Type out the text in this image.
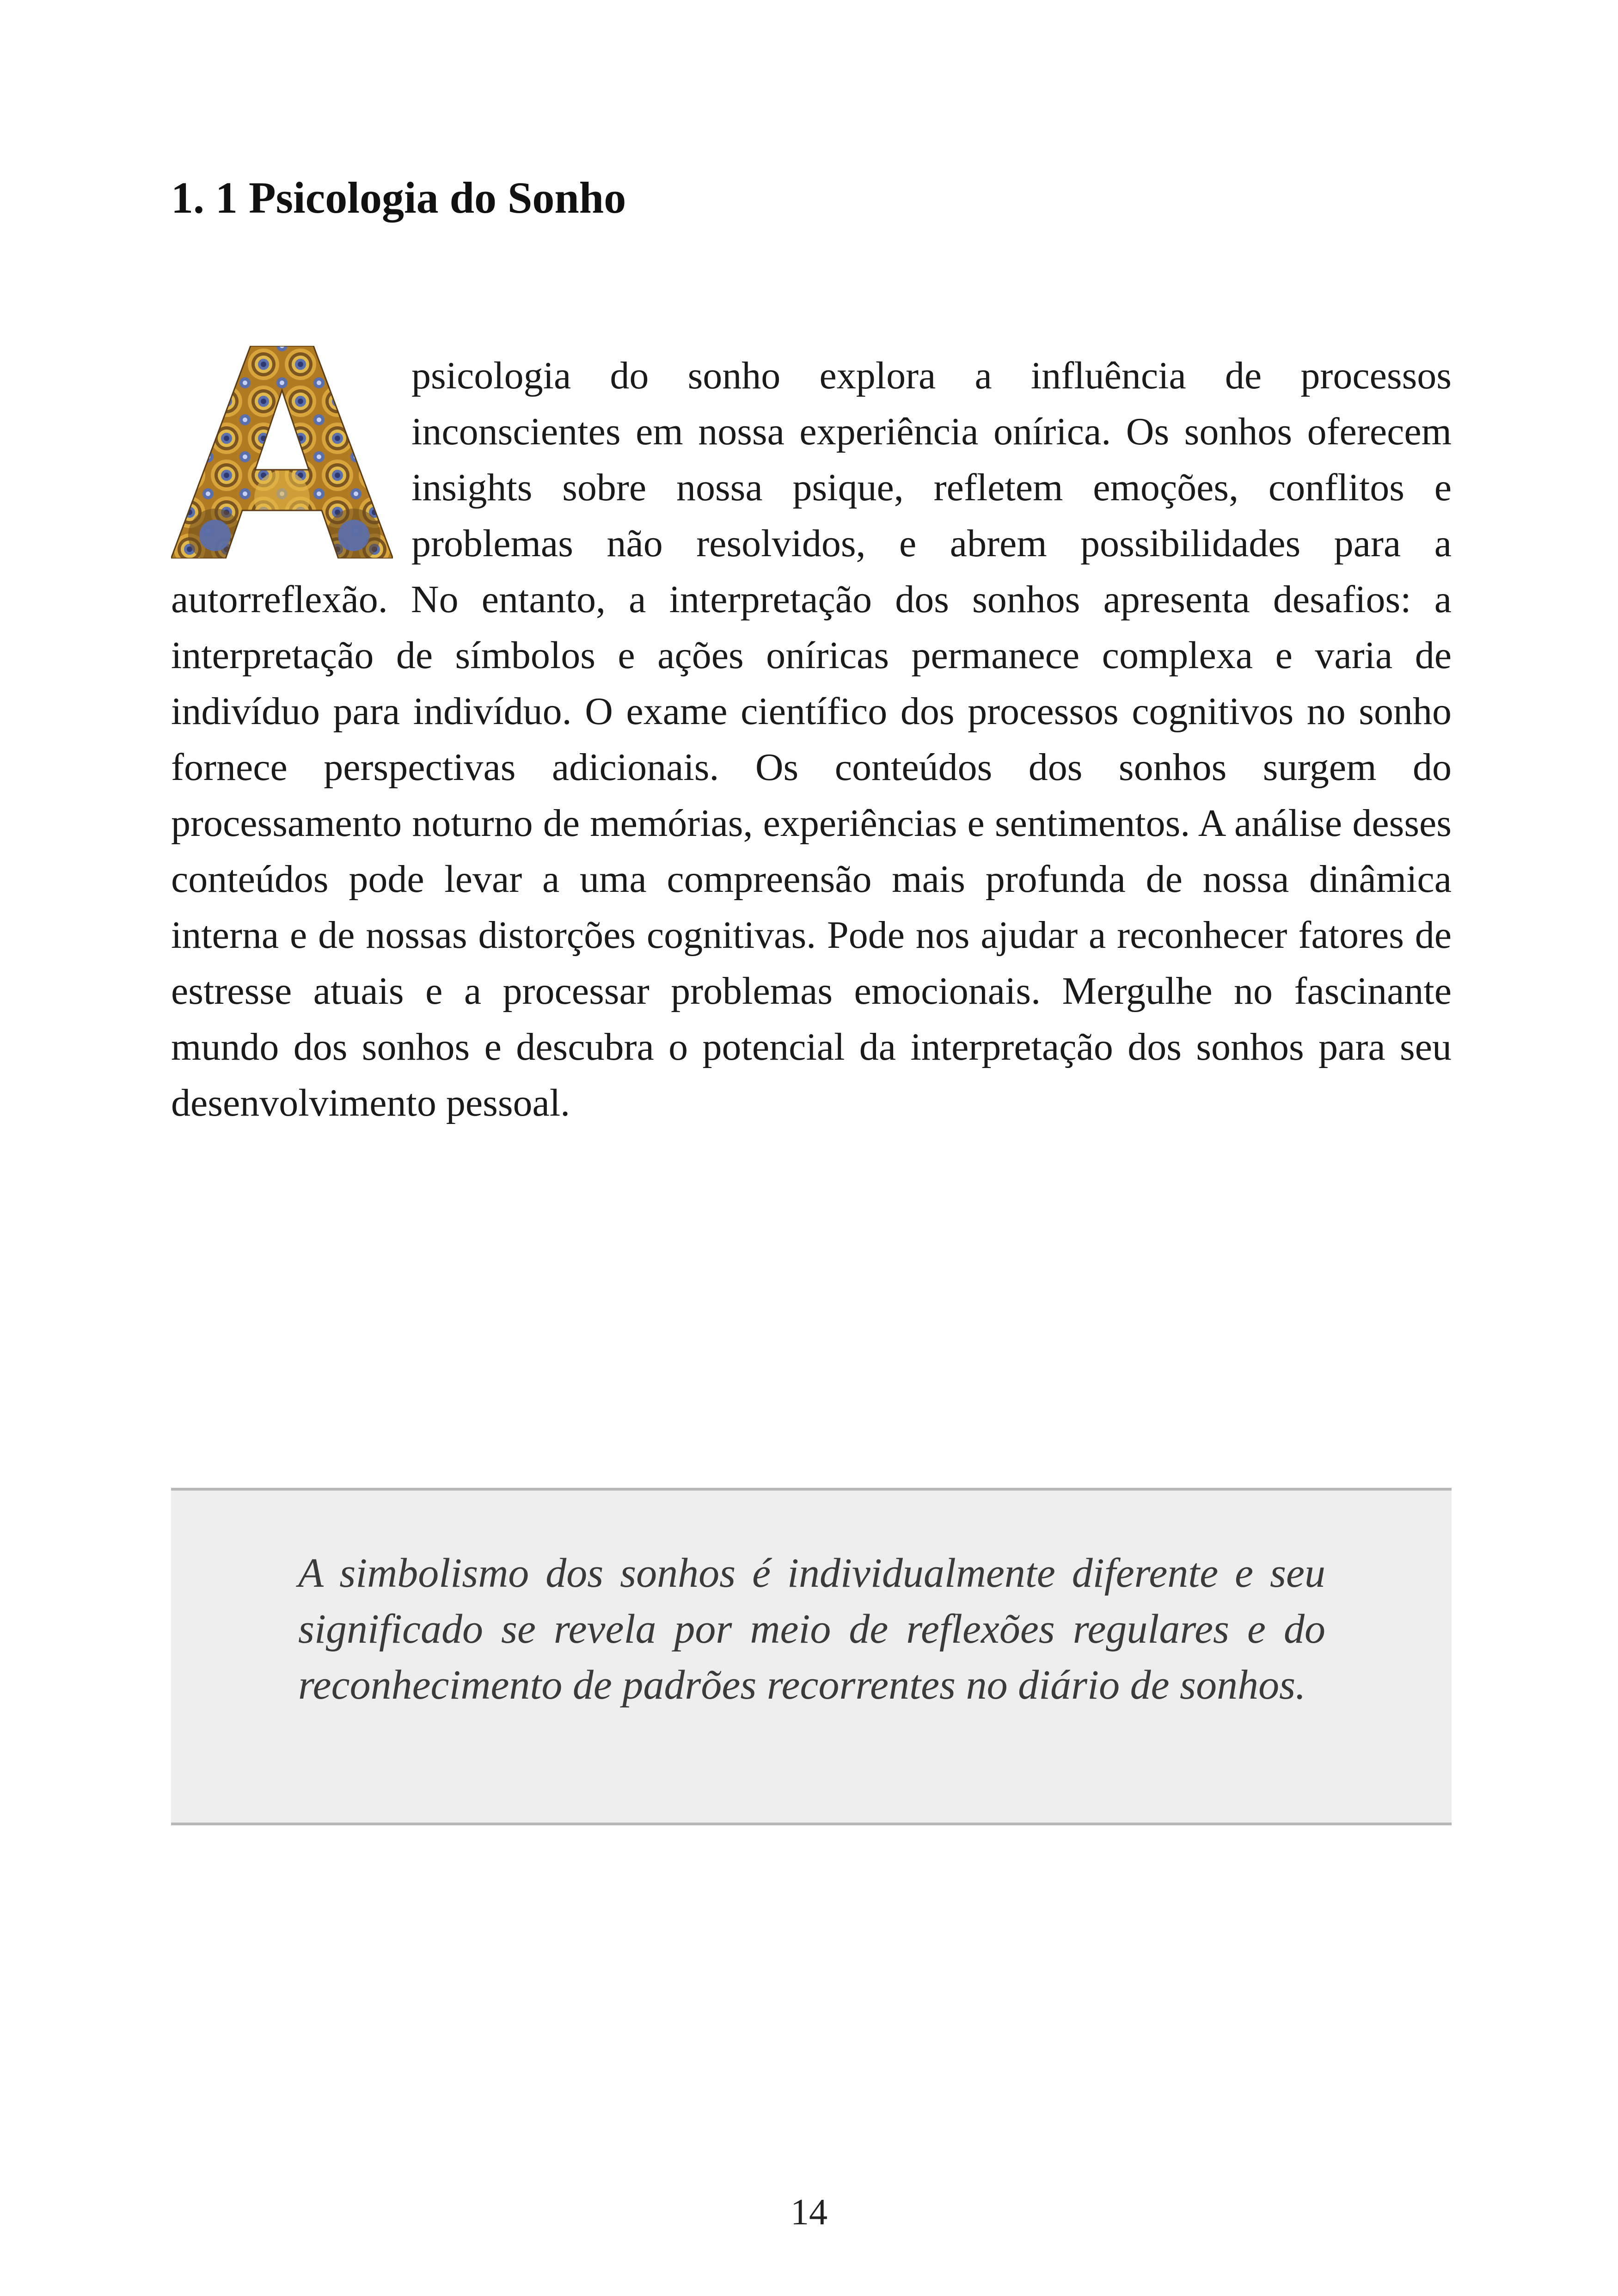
1. 1 Psicologia do Sonho
psicologia do sonho explora a influência de processos inconscientes em nossa experiência onírica. Os sonhos oferecem insights sobre nossa psique, refletem emoções, conflitos e problemas não resolvidos, e abrem possibilidades para a autorreflexão. No entanto, a interpretação dos sonhos apresenta desafios: a interpretação de símbolos e ações oníricas permanece complexa e varia de indivíduo para indivíduo. O exame científico dos processos cognitivos no sonho fornece perspectivas adicionais. Os conteúdos dos sonhos surgem do processamento noturno de memórias, experiências e sentimentos. A análise desses conteúdos pode levar a uma compreensão mais profunda de nossa dinâmica interna e de nossas distorções cognitivas. Pode nos ajudar a reconhecer fatores de estresse atuais e a processar problemas emocionais. Mergulhe no fascinante mundo dos sonhos e descubra o potencial da interpretação dos sonhos para seu desenvolvimento pessoal.

A simbolismo dos sonhos é individualmente diferente e seu significado se revela por meio de reflexões regulares e do reconhecimento de padrões recorrentes no diário de sonhos.

14
